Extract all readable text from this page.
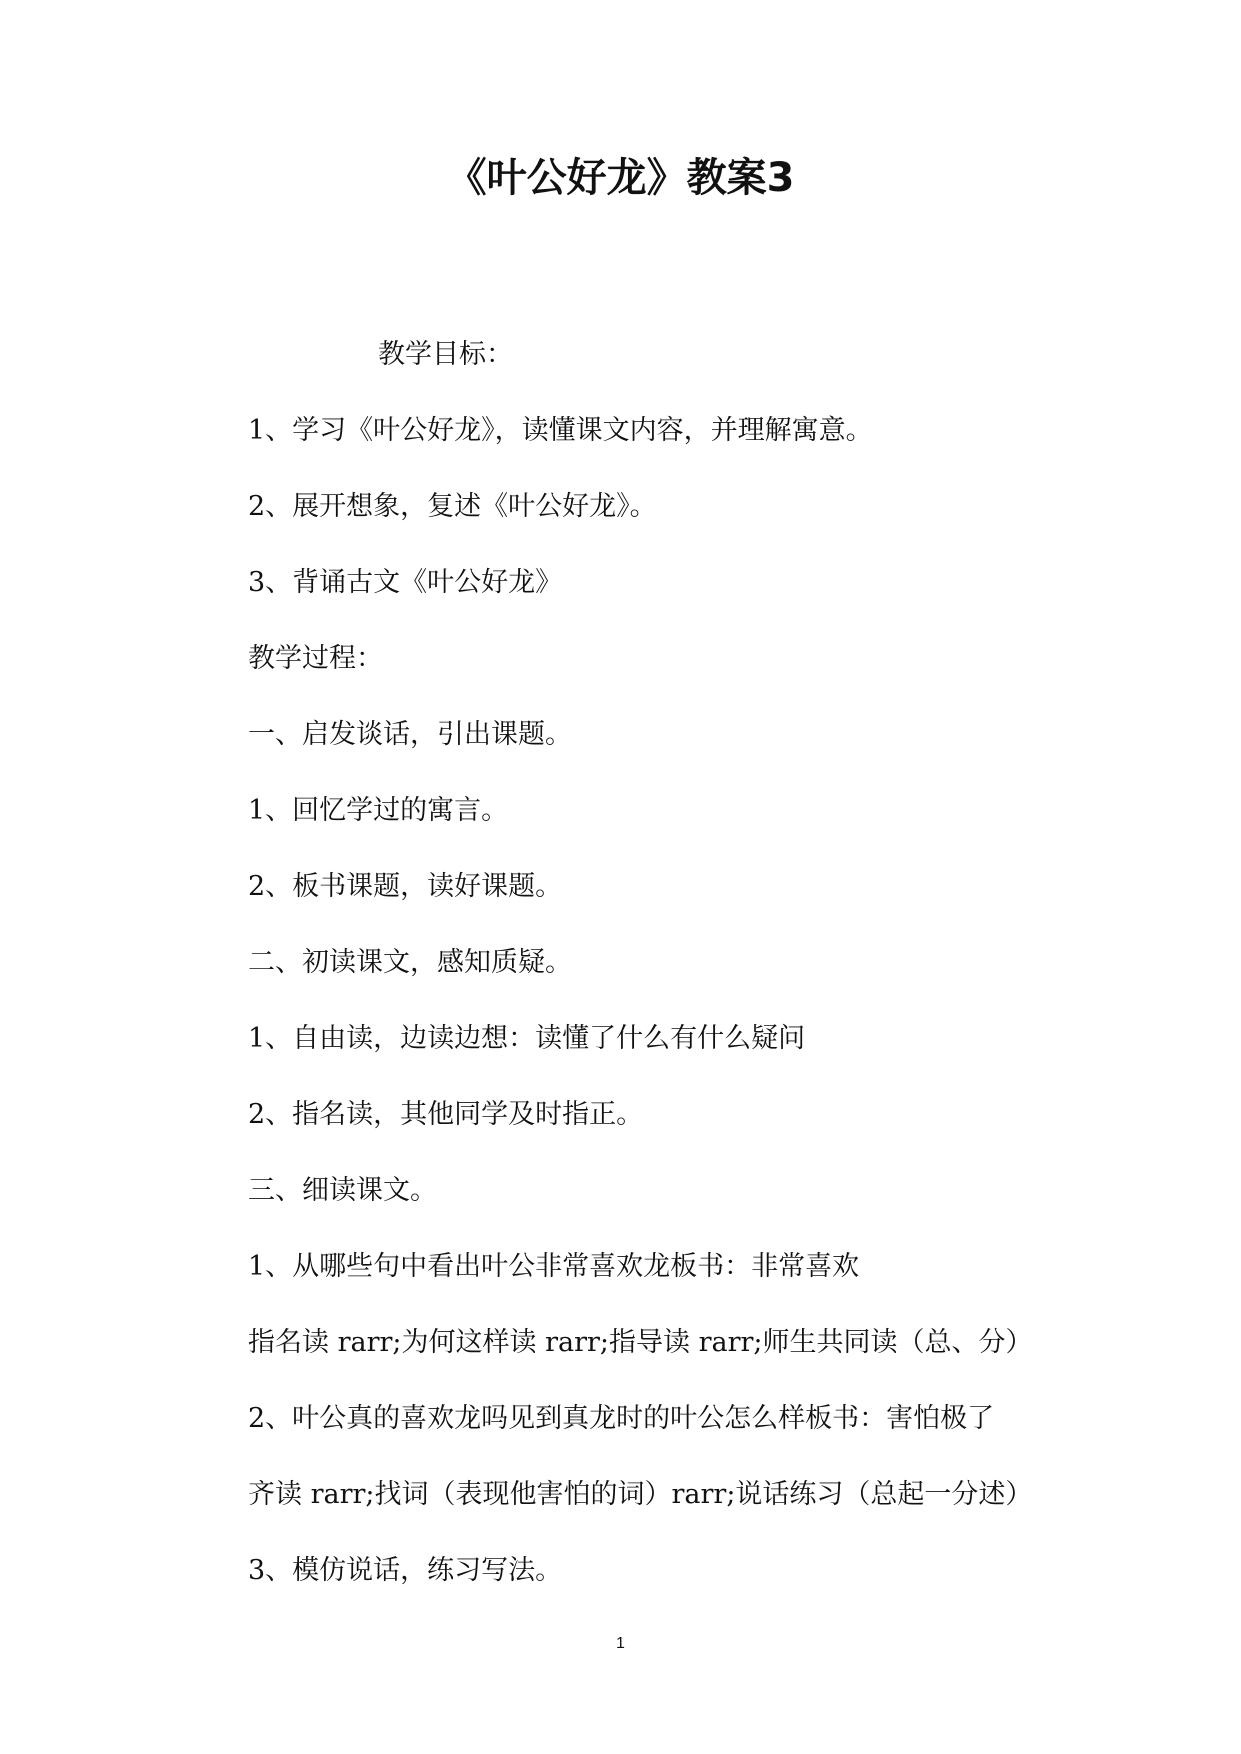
《叶公好龙》教案3
教学目标：
1、学习《叶公好龙》，读懂课文内容，并理解寓意。
2、展开想象，复述《叶公好龙》。
3、背诵古文《叶公好龙》
教学过程：
一、启发谈话，引出课题。
1、回忆学过的寓言。
2、板书课题，读好课题。
二、初读课文，感知质疑。
1、自由读，边读边想：读懂了什么有什么疑问
2、指名读，其他同学及时指正。
三、细读课文。
1、从哪些句中看出叶公非常喜欢龙板书：非常喜欢
指名读 rarr;为何这样读 rarr;指导读 rarr;师生共同读（总、分）
2、叶公真的喜欢龙吗见到真龙时的叶公怎么样板书：害怕极了
齐读 rarr;找词（表现他害怕的词）rarr;说话练习（总起一分述）
3、模仿说话，练习写法。
1
